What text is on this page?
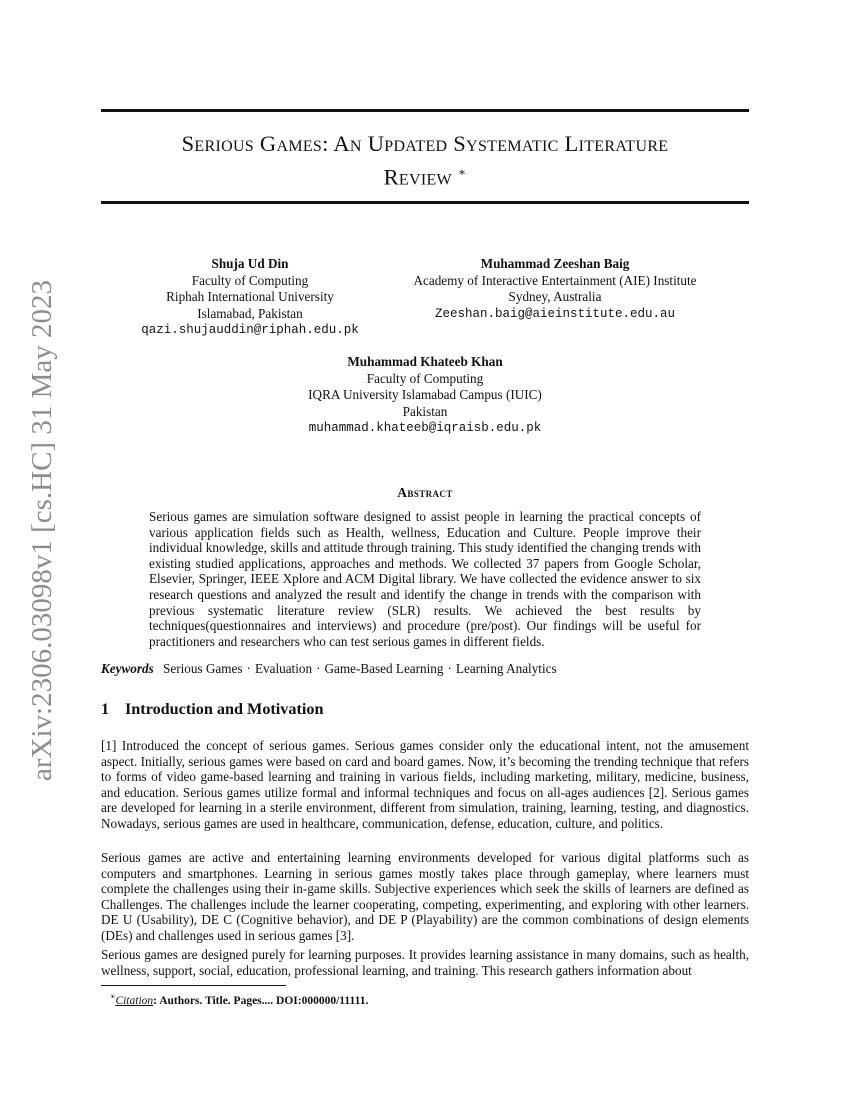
Serious Games: An Updated Systematic Literature
Review ∗
arXiv:2306.03098v1 [cs.HC] 31 May 2023
Shuja Ud Din
Faculty of Computing
Riphah International University
Islamabad, Pakistan
qazi.shujauddin@riphah.edu.pk
Muhammad Zeeshan Baig
Academy of Interactive Entertainment (AIE) Institute
Sydney, Australia
Zeeshan.baig@aieinstitute.edu.au
Muhammad Khateeb Khan
Faculty of Computing
IQRA University Islamabad Campus (IUIC)
Pakistan
muhammad.khateeb@iqraisb.edu.pk
Abstract
Serious games are simulation software designed to assist people in learning the practical concepts of various application fields such as Health, wellness, Education and Culture. People improve their individual knowledge, skills and attitude through training. This study identified the changing trends with existing studied applications, approaches and methods. We collected 37 papers from Google Scholar, Elsevier, Springer, IEEE Xplore and ACM Digital library. We have collected the evidence answer to six research questions and analyzed the result and identify the change in trends with the comparison with previous systematic literature review (SLR) results. We achieved the best results by techniques(questionnaires and interviews) and procedure (pre/post). Our findings will be useful for practitioners and researchers who can test serious games in different fields.
Keywords Serious Games · Evaluation · Game-Based Learning · Learning Analytics
1 Introduction and Motivation
[1] Introduced the concept of serious games. Serious games consider only the educational intent, not the amusement aspect. Initially, serious games were based on card and board games. Now, it’s becoming the trending technique that refers to forms of video game-based learning and training in various fields, including marketing, military, medicine, business, and education. Serious games utilize formal and informal techniques and focus on all-ages audiences [2]. Serious games are developed for learning in a sterile environment, different from simulation, training, learning, testing, and diagnostics. Nowadays, serious games are used in healthcare, communication, defense, education, culture, and politics.
Serious games are active and entertaining learning environments developed for various digital platforms such as computers and smartphones. Learning in serious games mostly takes place through gameplay, where learners must complete the challenges using their in-game skills. Subjective experiences which seek the skills of learners are defined as Challenges. The challenges include the learner cooperating, competing, experimenting, and exploring with other learners. DE U (Usability), DE C (Cognitive behavior), and DE P (Playability) are the common combinations of design elements (DEs) and challenges used in serious games [3].
Serious games are designed purely for learning purposes. It provides learning assistance in many domains, such as health, wellness, support, social, education, professional learning, and training. This research gathers information about
∗Citation: Authors. Title. Pages.... DOI:000000/11111.
